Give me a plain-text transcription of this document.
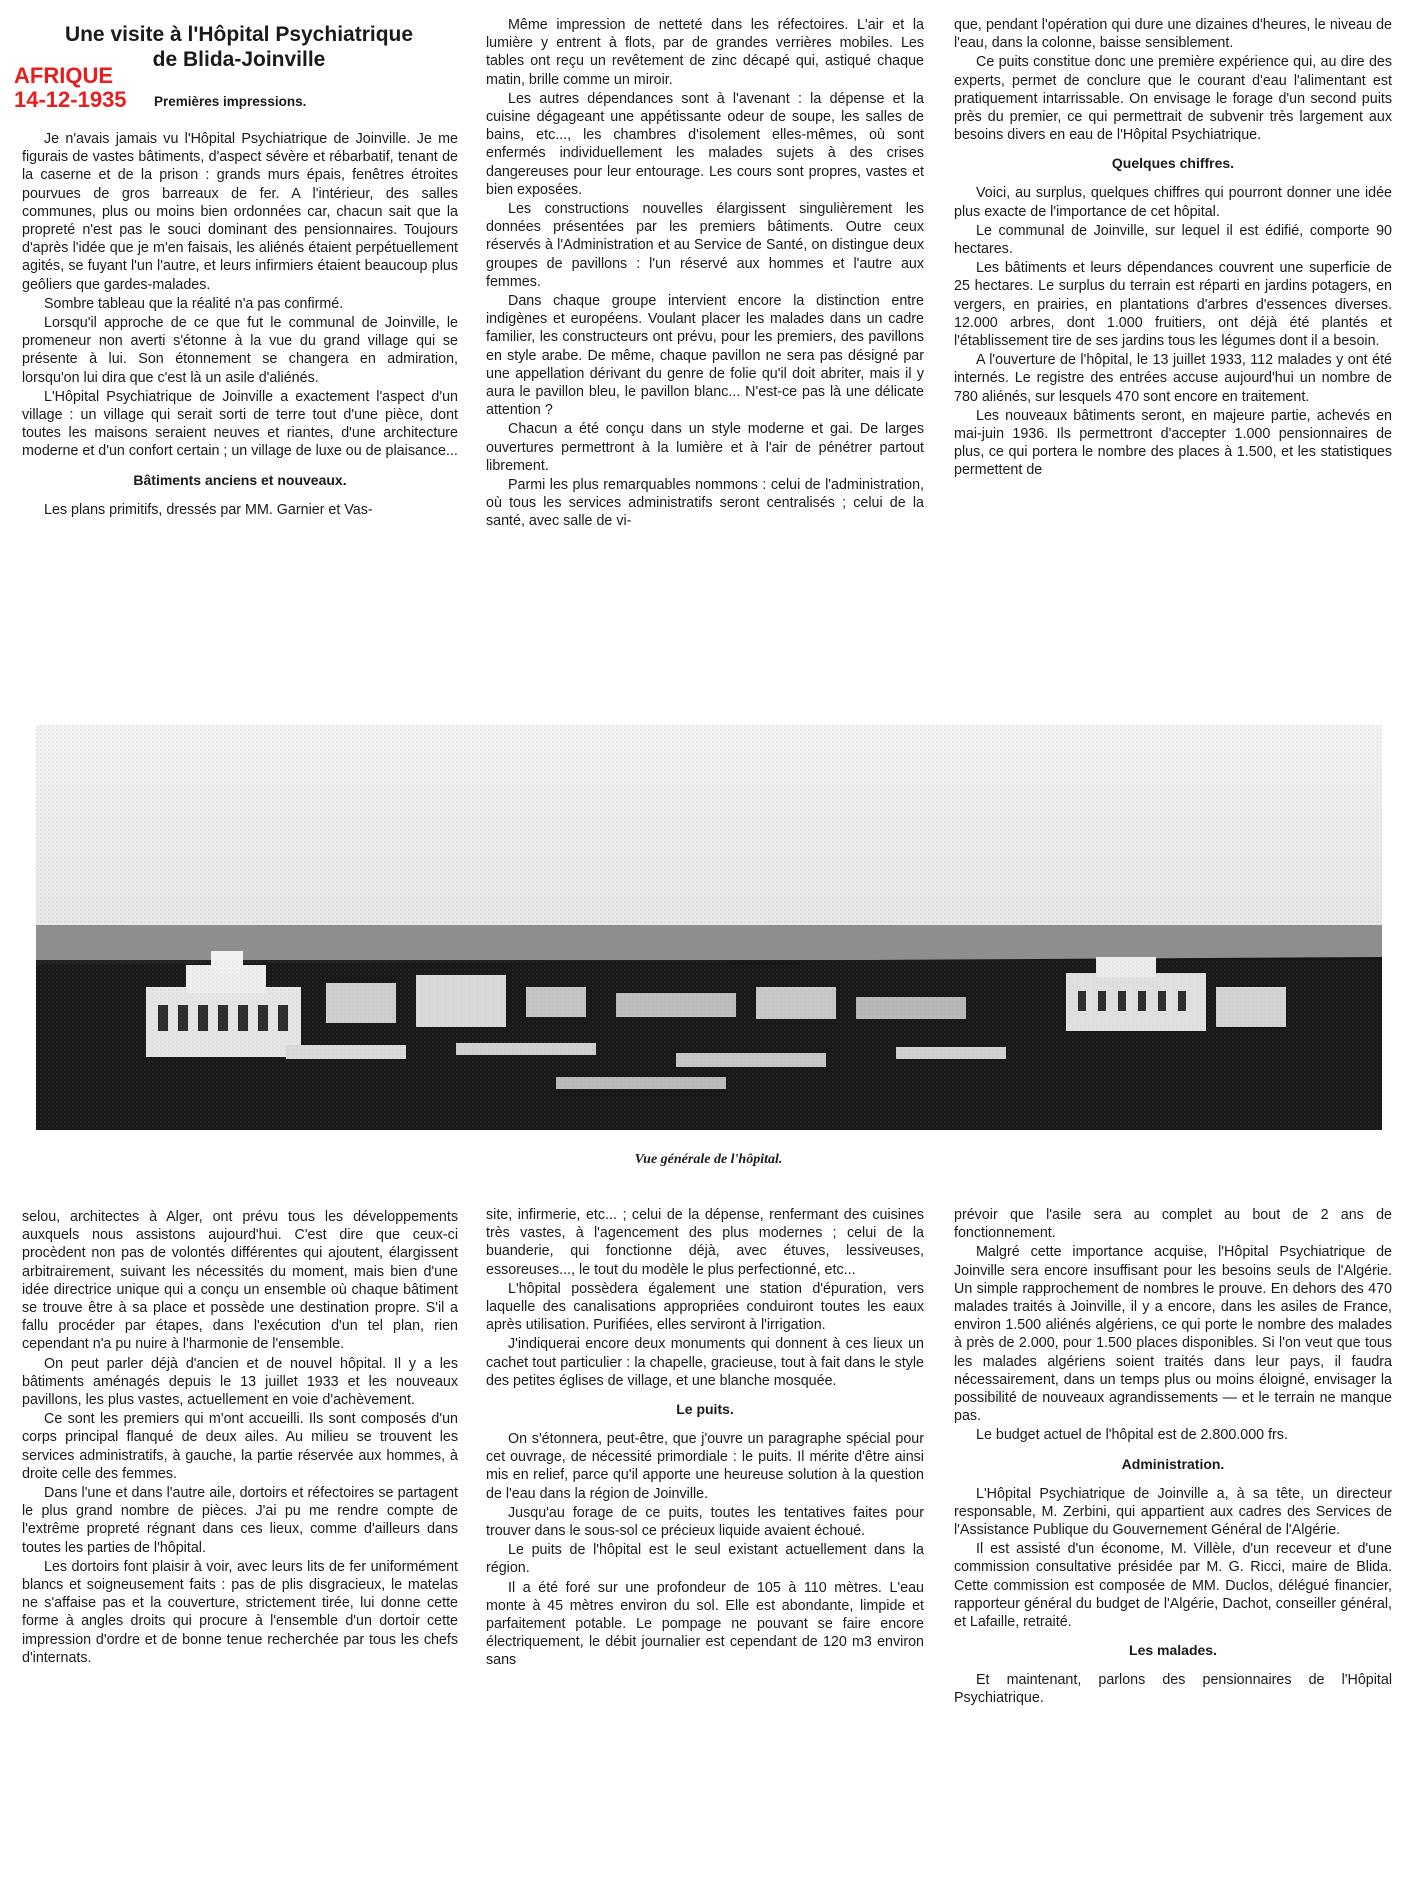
Une visite à l'Hôpital Psychiatrique
de Blida-Joinville
AFRIQUE
14-12-1935 Premières impressions.

Je n'avais jamais vu l'Hôpital Psychiatrique de Joinville. Je me figurais de vastes bâtiments, d'aspect sévère et rébarbatif, tenant de la caserne et de la prison : grands murs épais, fenêtres étroites pourvues de gros barreaux de fer. A l'intérieur, des salles communes, plus ou moins bien ordonnées car, chacun sait que la propreté n'est pas le souci dominant des pensionnaires. Toujours d'après l'idée que je m'en faisais, les aliénés étaient perpétuellement agités, se fuyant l'un l'autre, et leurs infirmiers étaient beaucoup plus geôliers que gardes-malades.

Sombre tableau que la réalité n'a pas confirmé.

Lorsqu'il approche de ce que fut le communal de Joinville, le promeneur non averti s'étonne à la vue du grand village qui se présente à lui. Son étonnement se changera en admiration, lorsqu'on lui dira que c'est là un asile d'aliénés.

L'Hôpital Psychiatrique de Joinville a exactement l'aspect d'un village : un village qui serait sorti de terre tout d'une pièce, dont toutes les maisons seraient neuves et riantes, d'une architecture moderne et d'un confort certain ; un village de luxe ou de plaisance...

Bâtiments anciens et nouveaux.

Les plans primitifs, dressés par MM. Garnier et Vas-

Même impression de netteté dans les réfectoires. L'air et la lumière y entrent à flots, par de grandes verrières mobiles. Les tables ont reçu un revêtement de zinc décapé qui, astiqué chaque matin, brille comme un miroir.

Les autres dépendances sont à l'avenant : la dépense et la cuisine dégageant une appétissante odeur de soupe, les salles de bains, etc..., les chambres d'isolement elles-mêmes, où sont enfermés individuellement les malades sujets à des crises dangereuses pour leur entourage. Les cours sont propres, vastes et bien exposées.

Les constructions nouvelles élargissent singulièrement les données présentées par les premiers bâtiments. Outre ceux réservés à l'Administration et au Service de Santé, on distingue deux groupes de pavillons : l'un réservé aux hommes et l'autre aux femmes.

Dans chaque groupe intervient encore la distinction entre indigènes et européens. Voulant placer les malades dans un cadre familier, les constructeurs ont prévu, pour les premiers, des pavillons en style arabe. De même, chaque pavillon ne sera pas désigné par une appellation dérivant du genre de folie qu'il doit abriter, mais il y aura le pavillon bleu, le pavillon blanc... N'est-ce pas là une délicate attention ?

Chacun a été conçu dans un style moderne et gai. De larges ouvertures permettront à la lumière et à l'air de pénétrer partout librement.

Parmi les plus remarquables nommons : celui de l'administration, où tous les services administratifs seront centralisés ; celui de la santé, avec salle de vi-

que, pendant l'opération qui dure une dizaines d'heures, le niveau de l'eau, dans la colonne, baisse sensiblement.

Ce puits constitue donc une première expérience qui, au dire des experts, permet de conclure que le courant d'eau l'alimentant est pratiquement intarrissable. On envisage le forage d'un second puits près du premier, ce qui permettrait de subvenir très largement aux besoins divers en eau de l'Hôpital Psychiatrique.

Quelques chiffres.

Voici, au surplus, quelques chiffres qui pourront donner une idée plus exacte de l'importance de cet hôpital.

Le communal de Joinville, sur lequel il est édifié, comporte 90 hectares.

Les bâtiments et leurs dépendances couvrent une superficie de 25 hectares. Le surplus du terrain est réparti en jardins potagers, en vergers, en prairies, en plantations d'arbres d'essences diverses. 12.000 arbres, dont 1.000 fruitiers, ont déjà été plantés et l'établissement tire de ses jardins tous les légumes dont il a besoin.

A l'ouverture de l'hôpital, le 13 juillet 1933, 112 malades y ont été internés. Le registre des entrées accuse aujourd'hui un nombre de 780 aliénés, sur lesquels 470 sont encore en traitement.

Les nouveaux bâtiments seront, en majeure partie, achevés en mai-juin 1936. Ils permettront d'accepter 1.000 pensionnaires de plus, ce qui portera le nombre des places à 1.500, et les statistiques permettent de

Vue générale de l'hôpital.

selou, architectes à Alger, ont prévu tous les développements auxquels nous assistons aujourd'hui. C'est dire que ceux-ci procèdent non pas de volontés différentes qui ajoutent, élargissent arbitrairement, suivant les nécessités du moment, mais bien d'une idée directrice unique qui a conçu un ensemble où chaque bâtiment se trouve être à sa place et possède une destination propre. S'il a fallu procéder par étapes, dans l'exécution d'un tel plan, rien cependant n'a pu nuire à l'harmonie de l'ensemble.

On peut parler déjà d'ancien et de nouvel hôpital. Il y a les bâtiments aménagés depuis le 13 juillet 1933 et les nouveaux pavillons, les plus vastes, actuellement en voie d'achèvement.

Ce sont les premiers qui m'ont accueilli. Ils sont composés d'un corps principal flanqué de deux ailes. Au milieu se trouvent les services administratifs, à gauche, la partie réservée aux hommes, à droite celle des femmes.

Dans l'une et dans l'autre aile, dortoirs et réfectoires se partagent le plus grand nombre de pièces. J'ai pu me rendre compte de l'extrême propreté régnant dans ces lieux, comme d'ailleurs dans toutes les parties de l'hôpital.

Les dortoirs font plaisir à voir, avec leurs lits de fer uniformément blancs et soigneusement faits : pas de plis disgracieux, le matelas ne s'affaise pas et la couverture, strictement tirée, lui donne cette forme à angles droits qui procure à l'ensemble d'un dortoir cette impression d'ordre et de bonne tenue recherchée par tous les chefs d'internats.

site, infirmerie, etc... ; celui de la dépense, renfermant des cuisines très vastes, à l'agencement des plus modernes ; celui de la buanderie, qui fonctionne déjà, avec étuves, lessiveuses, essoreuses..., le tout du modèle le plus perfectionné, etc...

L'hôpital possèdera également une station d'épuration, vers laquelle des canalisations appropriées conduiront toutes les eaux après utilisation. Purifiées, elles serviront à l'irrigation.

J'indiquerai encore deux monuments qui donnent à ces lieux un cachet tout particulier : la chapelle, gracieuse, tout à fait dans le style des petites églises de village, et une blanche mosquée.

Le puits.

On s'étonnera, peut-être, que j'ouvre un paragraphe spécial pour cet ouvrage, de nécessité primordiale : le puits. Il mérite d'être ainsi mis en relief, parce qu'il apporte une heureuse solution à la question de l'eau dans la région de Joinville.

Jusqu'au forage de ce puits, toutes les tentatives faites pour trouver dans le sous-sol ce précieux liquide avaient échoué.

Le puits de l'hôpital est le seul existant actuellement dans la région.

Il a été foré sur une profondeur de 105 à 110 mètres. L'eau monte à 45 mètres environ du sol. Elle est abondante, limpide et parfaitement potable. Le pompage ne pouvant se faire encore électriquement, le débit journalier est cependant de 120 m3 environ sans

prévoir que l'asile sera au complet au bout de 2 ans de fonctionnement.

Malgré cette importance acquise, l'Hôpital Psychiatrique de Joinville sera encore insuffisant pour les besoins seuls de l'Algérie. Un simple rapprochement de nombres le prouve. En dehors des 470 malades traités à Joinville, il y a encore, dans les asiles de France, environ 1.500 aliénés algériens, ce qui porte le nombre des malades à près de 2.000, pour 1.500 places disponibles. Si l'on veut que tous les malades algériens soient traités dans leur pays, il faudra nécessairement, dans un temps plus ou moins éloigné, envisager la possibilité de nouveaux agrandissements — et le terrain ne manque pas.

Le budget actuel de l'hôpital est de 2.800.000 frs.

Administration.

L'Hôpital Psychiatrique de Joinville a, à sa tête, un directeur responsable, M. Zerbini, qui appartient aux cadres des Services de l'Assistance Publique du Gouvernement Général de l'Algérie.

Il est assisté d'un économe, M. Villèle, d'un receveur et d'une commission consultative présidée par M. G. Ricci, maire de Blida. Cette commission est composée de MM. Duclos, délégué financier, rapporteur général du budget de l'Algérie, Dachot, conseiller général, et Lafaille, retraité.

Les malades.

Et maintenant, parlons des pensionnaires de l'Hôpital Psychiatrique.
